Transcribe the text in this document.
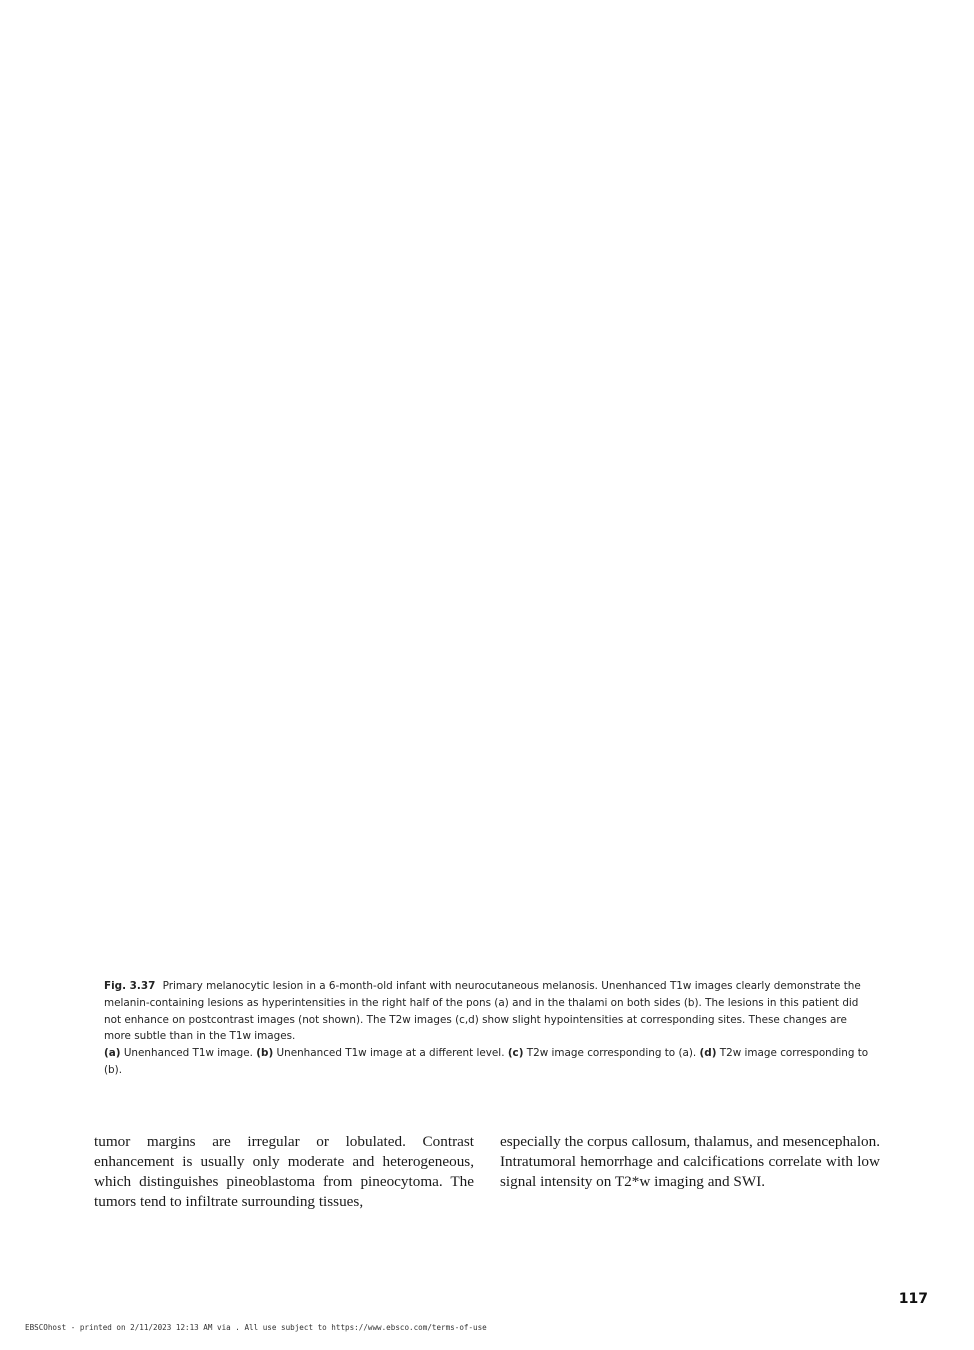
Fig. 3.37 Primary melanocytic lesion in a 6-month-old infant with neurocutaneous melanosis. Unenhanced T1w images clearly demonstrate the melanin-containing lesions as hyperintensities in the right half of the pons (a) and in the thalami on both sides (b). The lesions in this patient did not enhance on postcontrast images (not shown). The T2w images (c,d) show slight hypointensities at corresponding sites. These changes are more subtle than in the T1w images.

(a) Unenhanced T1w image. (b) Unenhanced T1w image at a different level. (c) T2w image corresponding to (a). (d) T2w image corresponding to (b).

tumor margins are irregular or lobulated. Contrast enhancement is usually only moderate and heterogeneous, which distinguishes pineoblastoma from pineocytoma. The tumors tend to infiltrate surrounding tissues,

especially the corpus callosum, thalamus, and mesencephalon. Intratumoral hemorrhage and calcifications correlate with low signal intensity on T2*w imaging and SWI.

117
EBSCOhost - printed on 2/11/2023 12:13 AM via . All use subject to https://www.ebsco.com/terms-of-use
